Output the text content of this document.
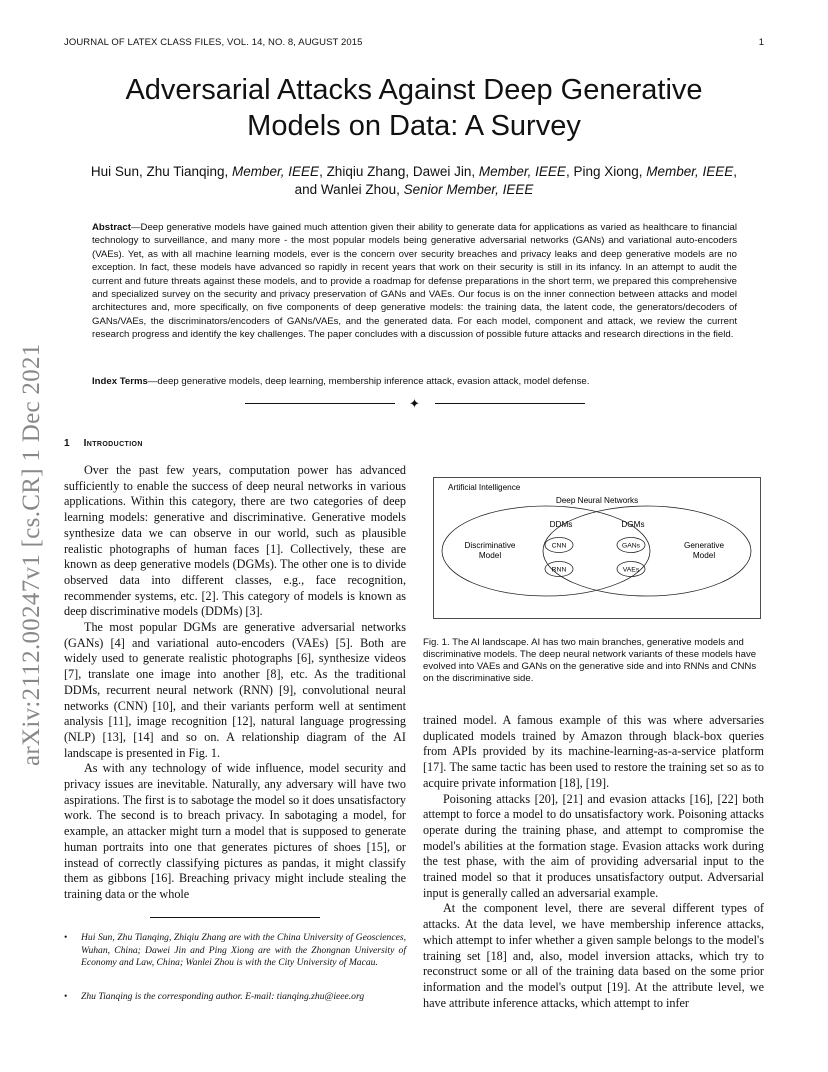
JOURNAL OF LATEX CLASS FILES, VOL. 14, NO. 8, AUGUST 2015	1
Adversarial Attacks Against Deep Generative
Models on Data: A Survey
Hui Sun, Zhu Tianqing, Member, IEEE, Zhiqiu Zhang, Dawei Jin, Member, IEEE, Ping Xiong, Member, IEEE,
and Wanlei Zhou, Senior Member, IEEE
Abstract—Deep generative models have gained much attention given their ability to generate data for applications as varied as healthcare to financial technology to surveillance, and many more - the most popular models being generative adversarial networks (GANs) and variational auto-encoders (VAEs). Yet, as with all machine learning models, ever is the concern over security breaches and privacy leaks and deep generative models are no exception. In fact, these models have advanced so rapidly in recent years that work on their security is still in its infancy. In an attempt to audit the current and future threats against these models, and to provide a roadmap for defense preparations in the short term, we prepared this comprehensive and specialized survey on the security and privacy preservation of GANs and VAEs. Our focus is on the inner connection between attacks and model architectures and, more specifically, on five components of deep generative models: the training data, the latent code, the generators/decoders of GANs/VAEs, the discriminators/encoders of GANs/VAEs, and the generated data. For each model, component and attack, we review the current research progress and identify the key challenges. The paper concludes with a discussion of possible future attacks and research directions in the field.
Index Terms—deep generative models, deep learning, membership inference attack, evasion attack, model defense.
✦
arXiv:2112.00247v1 [cs.CR] 1 Dec 2021 1 Introduction

Over the past few years, computation power has advanced sufficiently to enable the success of deep neural networks in various applications. Within this category, there are two categories of deep learning models: generative and discriminative. Generative models synthesize data we can observe in our world, such as plausible realistic photographs of human faces [1]. Collectively, these are known as deep generative models (DGMs). The other one is to divide observed data into different classes, e.g., face recognition, recommender systems, etc. [2]. This category of models is known as deep discriminative models (DDMs) [3].

The most popular DGMs are generative adversarial networks (GANs) [4] and variational auto-encoders (VAEs) [5]. Both are widely used to generate realistic photographs [6], synthesize videos [7], translate one image into another [8], etc. As the traditional DDMs, recurrent neural network (RNN) [9], convolutional neural networks (CNN) [10], and their variants perform well at sentiment analysis [11], image recognition [12], natural language progressing (NLP) [13], [14] and so on. A relationship diagram of the AI landscape is presented in Fig. 1.

As with any technology of wide influence, model security and privacy issues are inevitable. Naturally, any adversary will have two aspirations. The first is to sabotage the model so it does unsatisfactory work. The second is to breach privacy. In sabotaging a model, for example, an attacker might turn a model that is supposed to generate human portraits into one that generates pictures of shoes [15], or instead of correctly classifying pictures as pandas, it might classify them as gibbons [16]. Breaching privacy might include stealing the training data or the whole

• Hui Sun, Zhu Tianqing, Zhiqiu Zhang are with the China University of Geosciences, Wuhan, China; Dawei Jin and Ping Xiong are with the Zhongnan University of Economy and Law, China; Wanlei Zhou is with the City University of Macau.
• Zhu Tianqing is the corresponding author. E-mail: tianqing.zhu@ieee.org
Artificial Intelligence
Deep Neural Networks
DDMs	DGMs
Discriminative
Model
Generative
Model
CNN
RNN
GANs
VAEs
Fig. 1. The AI landscape. AI has two main branches, generative models and discriminative models. The deep neural network variants of these models have evolved into VAEs and GANs on the generative side and into RNNs and CNNs on the discriminative side.

trained model. A famous example of this was where adversaries duplicated models trained by Amazon through black-box queries from APIs provided by its machine-learning-as-a-service platform [17]. The same tactic has been used to restore the training set so as to acquire private information [18], [19].

Poisoning attacks [20], [21] and evasion attacks [16], [22] both attempt to force a model to do unsatisfactory work. Poisoning attacks operate during the training phase, and attempt to compromise the model's abilities at the formation stage. Evasion attacks work during the test phase, with the aim of providing adversarial input to the trained model so that it produces unsatisfactory output. Adversarial input is generally called an adversarial example.

At the component level, there are several different types of attacks. At the data level, we have membership inference attacks, which attempt to infer whether a given sample belongs to the model's training set [18] and, also, model inversion attacks, which try to reconstruct some or all of the training data based on the some prior information and the model's output [19]. At the attribute level, we have attribute inference attacks, which attempt to infer
